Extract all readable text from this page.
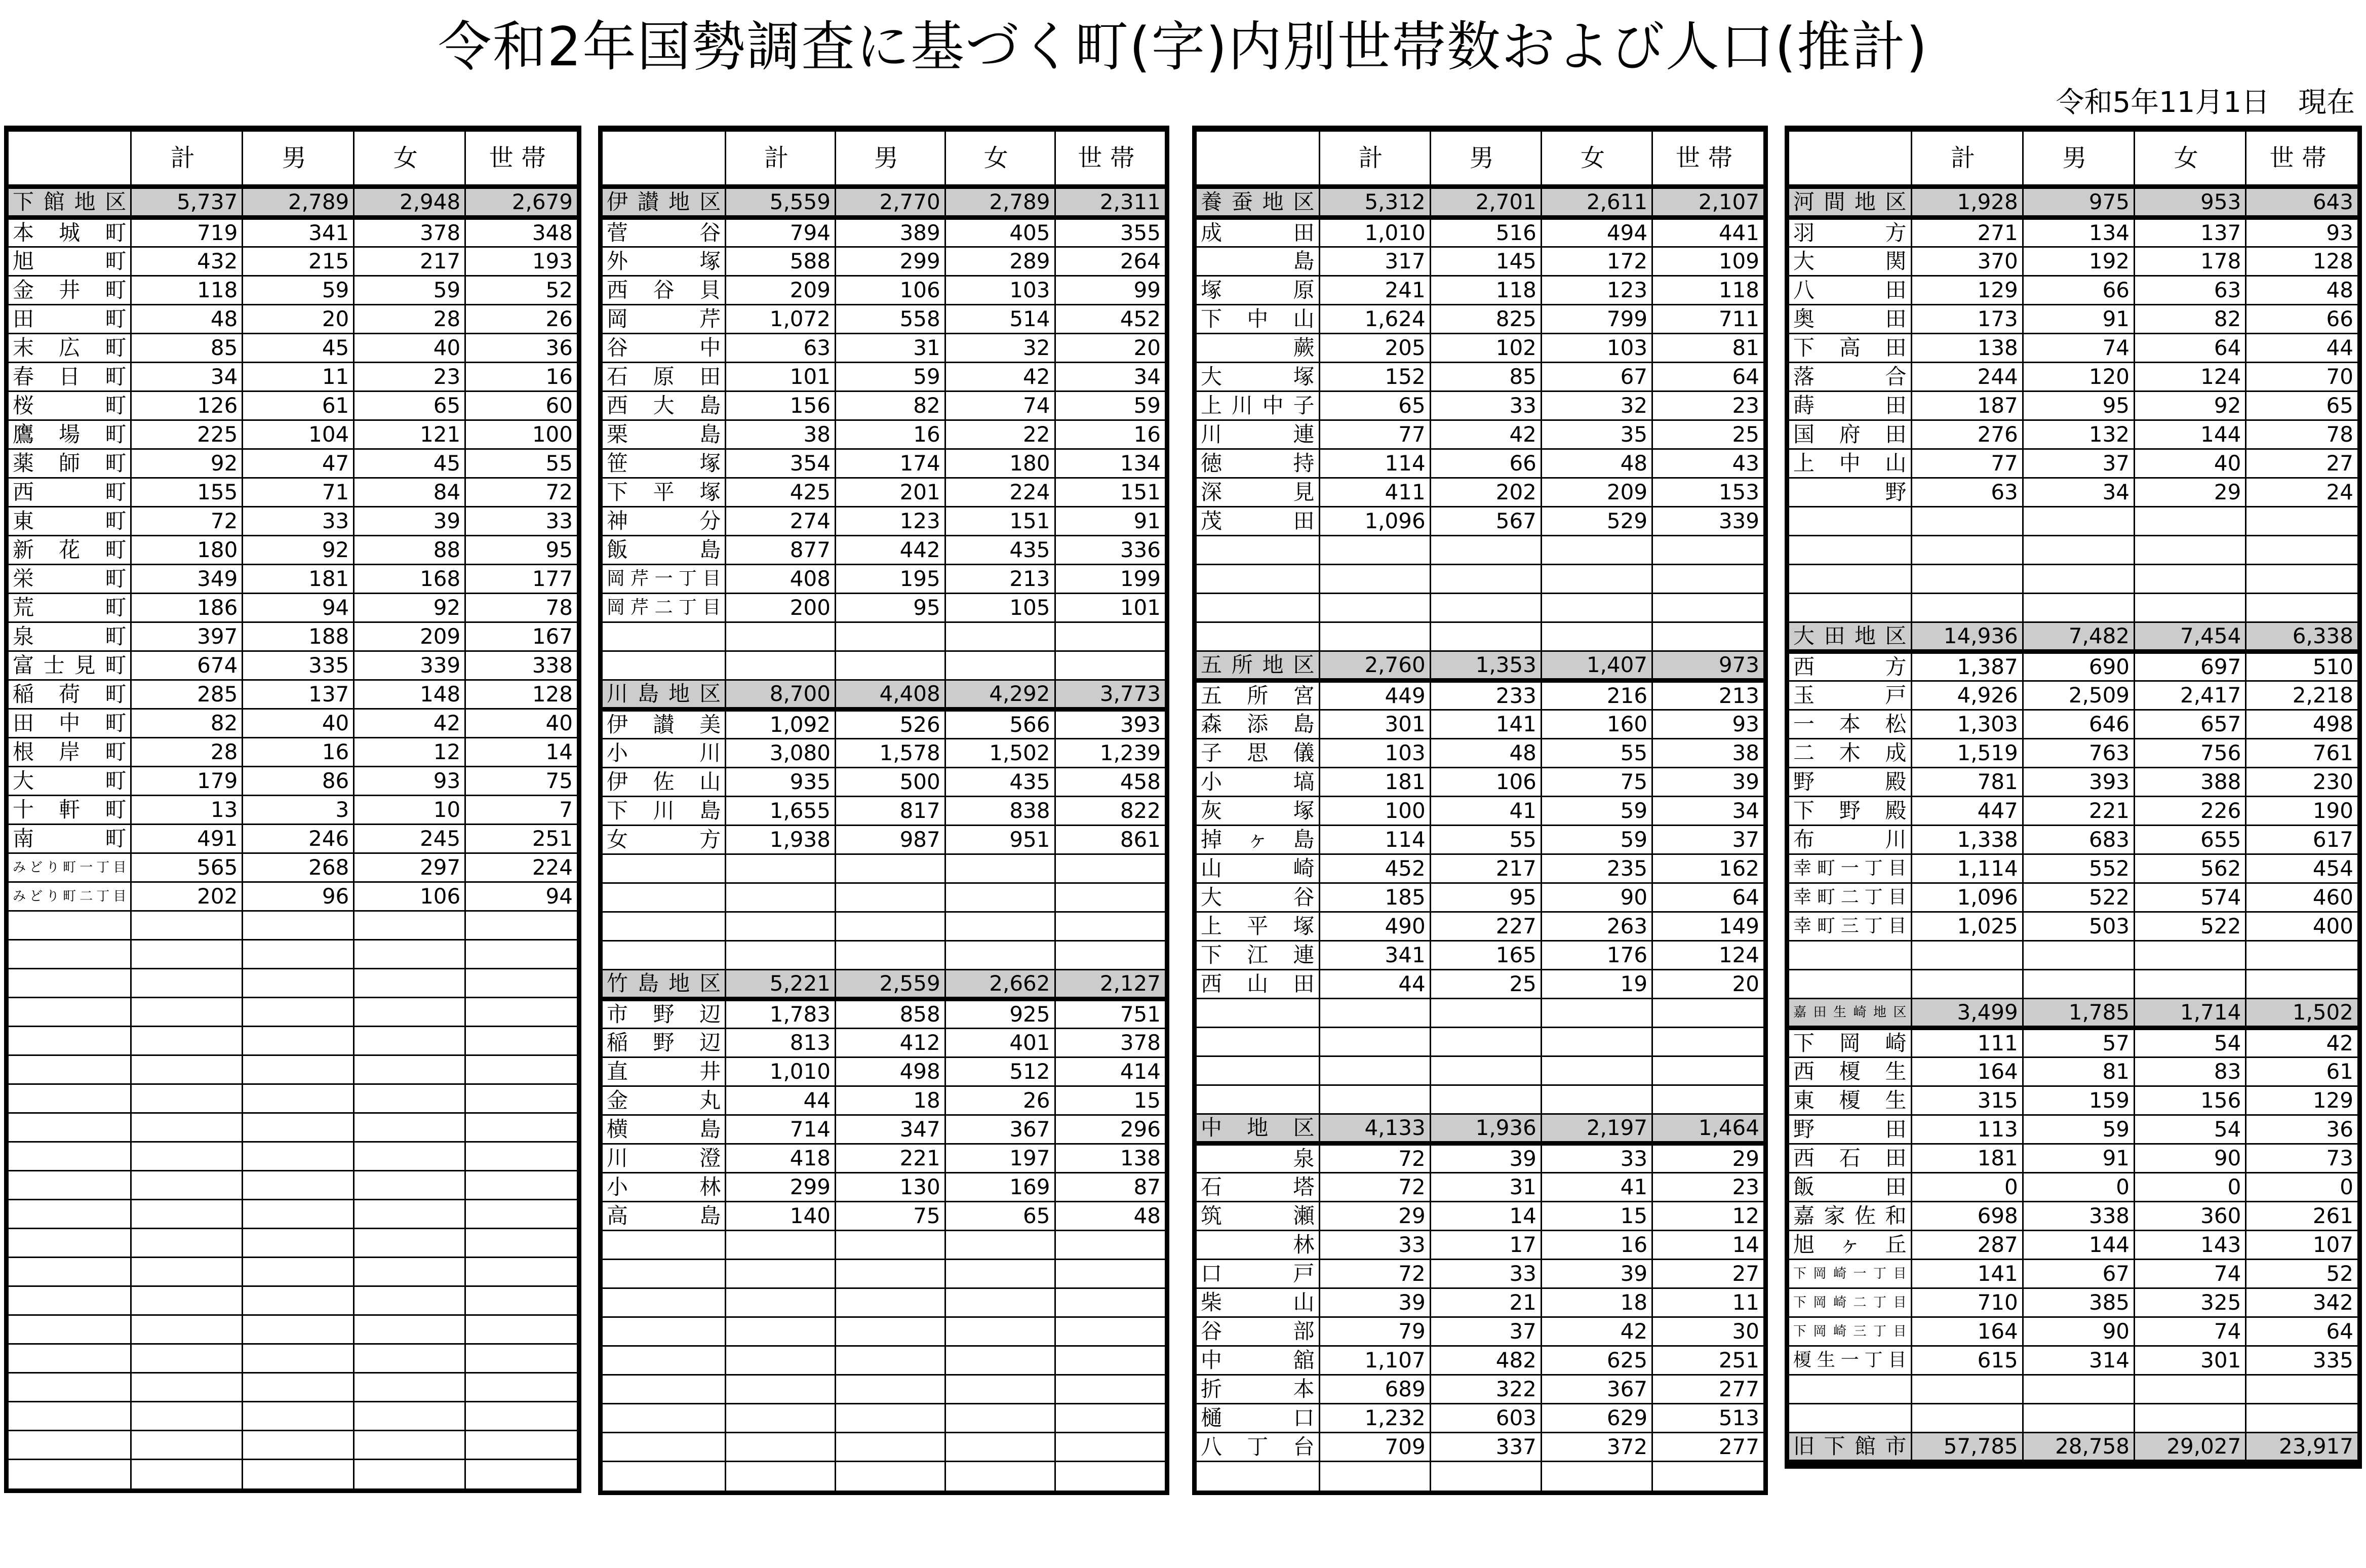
令和2年国勢調査に基づく町(字)内別世帯数および人口(推計)
令和5年11月1日　現在
	計	男	女	世帯
下館地区	5,737	2,789	2,948	2,679
本城町	719	341	378	348
旭町	432	215	217	193
金井町	118	59	59	52
田町	48	20	28	26
末広町	85	45	40	36
春日町	34	11	23	16
桜町	126	61	65	60
鷹場町	225	104	121	100
薬師町	92	47	45	55
西町	155	71	84	72
東町	72	33	39	33
新花町	180	92	88	95
栄町	349	181	168	177
荒町	186	94	92	78
泉町	397	188	209	167
富士見町	674	335	339	338
稲荷町	285	137	148	128
田中町	82	40	42	40
根岸町	28	16	12	14
大町	179	86	93	75
十軒町	13	3	10	7
南町	491	246	245	251
みどり町一丁目	565	268	297	224
みどり町二丁目	202	96	106	94

	計	男	女	世帯
伊讃地区	5,559	2,770	2,789	2,311
菅谷	794	389	405	355
外塚	588	299	289	264
西谷貝	209	106	103	99
岡芹	1,072	558	514	452
谷中	63	31	32	20
石原田	101	59	42	34
西大島	156	82	74	59
栗島	38	16	22	16
笹塚	354	174	180	134
下平塚	425	201	224	151
神分	274	123	151	91
飯島	877	442	435	336
岡芹一丁目	408	195	213	199
岡芹二丁目	200	95	105	101

川島地区	8,700	4,408	4,292	3,773
伊讃美	1,092	526	566	393
小川	3,080	1,578	1,502	1,239
伊佐山	935	500	435	458
下川島	1,655	817	838	822
女方	1,938	987	951	861

竹島地区	5,221	2,559	2,662	2,127
市野辺	1,783	858	925	751
稲野辺	813	412	401	378
直井	1,010	498	512	414
金丸	44	18	26	15
横島	714	347	367	296
川澄	418	221	197	138
小林	299	130	169	87
高島	140	75	65	48

	計	男	女	世帯
養蚕地区	5,312	2,701	2,611	2,107
成田	1,010	516	494	441
　島	317	145	172	109
塚原	241	118	123	118
下中山	1,624	825	799	711
　蕨	205	102	103	81
大塚	152	85	67	64
上川中子	65	33	32	23
川連	77	42	35	25
徳持	114	66	48	43
深見	411	202	209	153
茂田	1,096	567	529	339

五所地区	2,760	1,353	1,407	973
五所宮	449	233	216	213
森添島	301	141	160	93
子思儀	103	48	55	38
小塙	181	106	75	39
灰塚	100	41	59	34
掉ヶ島	114	55	59	37
山崎	452	217	235	162
大谷	185	95	90	64
上平塚	490	227	263	149
下江連	341	165	176	124
西山田	44	25	19	20

中地区	4,133	1,936	2,197	1,464
　泉	72	39	33	29
石塔	72	31	41	23
筑瀬	29	14	15	12
　林	33	17	16	14
口戸	72	33	39	27
柴山	39	21	18	11
谷部	79	37	42	30
中舘	1,107	482	625	251
折本	689	322	367	277
樋口	1,232	603	629	513
八丁台	709	337	372	277

	計	男	女	世帯
河間地区	1,928	975	953	643
羽方	271	134	137	93
大関	370	192	178	128
八田	129	66	63	48
奥田	173	91	82	66
下高田	138	74	64	44
落合	244	120	124	70
蒔田	187	95	92	65
国府田	276	132	144	78
上中山	77	37	40	27
　野	63	34	29	24

大田地区	14,936	7,482	7,454	6,338
西方	1,387	690	697	510
玉戸	4,926	2,509	2,417	2,218
一本松	1,303	646	657	498
二木成	1,519	763	756	761
野殿	781	393	388	230
下野殿	447	221	226	190
布川	1,338	683	655	617
幸町一丁目	1,114	552	562	454
幸町二丁目	1,096	522	574	460
幸町三丁目	1,025	503	522	400

嘉田生崎地区	3,499	1,785	1,714	1,502
下岡崎	111	57	54	42
西榎生	164	81	83	61
東榎生	315	159	156	129
野田	113	59	54	36
西石田	181	91	90	73
飯田	0	0	0	0
嘉家佐和	698	338	360	261
旭ヶ丘	287	144	143	107
下岡崎一丁目	141	67	74	52
下岡崎二丁目	710	385	325	342
下岡崎三丁目	164	90	74	64
榎生一丁目	615	314	301	335

旧下館市	57,785	28,758	29,027	23,917
